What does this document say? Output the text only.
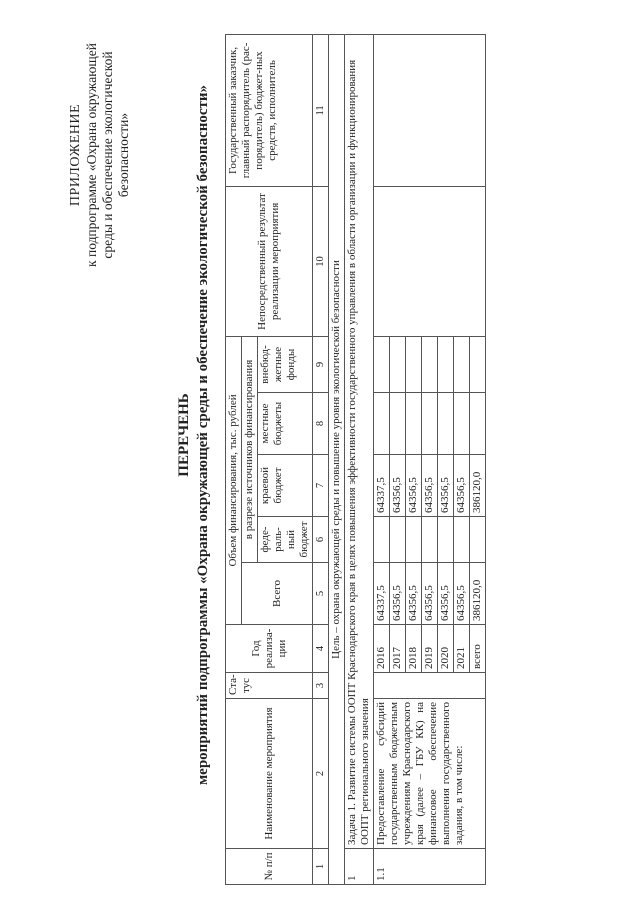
ПРИЛОЖЕНИЕ к подпрограмме «Охрана окружающей среды и обеспечение экологической безопасности»
ПЕРЕЧЕНЬ мероприятий подпрограммы «Охрана окружающей среды и обеспечение экологической безопасности»
№ п/п	Наименование мероприятия	Ста-тус	Год реализа-ции	Объем финансирования, тыс. рублей					Непосредственный результат реализации мероприятия	Государственный заказчик, главный распорядитель (рас-порядитель) бюджет-ных средств, исполнитель
				Всего	в разрезе источников финансирования					
					феде-раль-ный бюджет	краевой бюджет	местные бюджеты	внебюд-жетные фонды		
1	2	3	4	5	6	7	8	9	10	11
Цель – охрана окружающей среды и повышение уровня экологической безопасности										
1	Задача 1. Развитие системы ООПТ Краснодарского края в целях повышения эффективности государственного управления в области организации и функционирования ООПТ регионального значения									
1.1	Предоставление субсидий государственным бюджетным учреждениям Краснодарского края (далее – ГБУ КК) на финансовое обеспечение выполнения государственного задания, в том числе:		2016	64337,5		64337,5				
			2017	64356,5		64356,5				
			2018	64356,5		64356,5				
			2019	64356,5		64356,5				
			2020	64356,5		64356,5				
			2021	64356,5		64356,5				
			всего	386120,0		386120,0				
